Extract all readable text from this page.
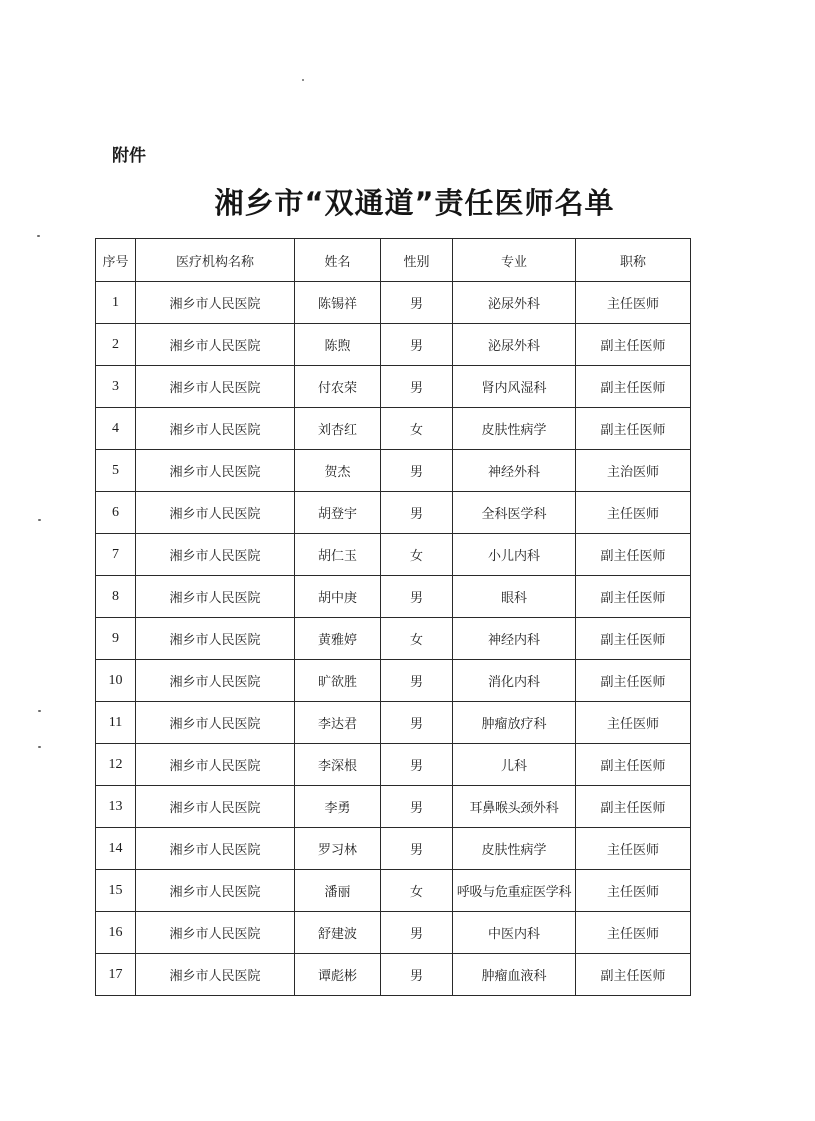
附件
湘乡市“双通道”责任医师名单
序号	医疗机构名称	姓名	性别	专业	职称
1	湘乡市人民医院	陈锡祥	男	泌尿外科	主任医师
2	湘乡市人民医院	陈煦	男	泌尿外科	副主任医师
3	湘乡市人民医院	付农荣	男	肾内风湿科	副主任医师
4	湘乡市人民医院	刘杏红	女	皮肤性病学	副主任医师
5	湘乡市人民医院	贺杰	男	神经外科	主治医师
6	湘乡市人民医院	胡登宇	男	全科医学科	主任医师
7	湘乡市人民医院	胡仁玉	女	小儿内科	副主任医师
8	湘乡市人民医院	胡中庚	男	眼科	副主任医师
9	湘乡市人民医院	黄雅婷	女	神经内科	副主任医师
10	湘乡市人民医院	旷欲胜	男	消化内科	副主任医师
11	湘乡市人民医院	李达君	男	肿瘤放疗科	主任医师
12	湘乡市人民医院	李深根	男	儿科	副主任医师
13	湘乡市人民医院	李勇	男	耳鼻喉头颈外科	副主任医师
14	湘乡市人民医院	罗习林	男	皮肤性病学	主任医师
15	湘乡市人民医院	潘丽	女	呼吸与危重症医学科	主任医师
16	湘乡市人民医院	舒建波	男	中医内科	主任医师
17	湘乡市人民医院	谭彪彬	男	肿瘤血液科	副主任医师
